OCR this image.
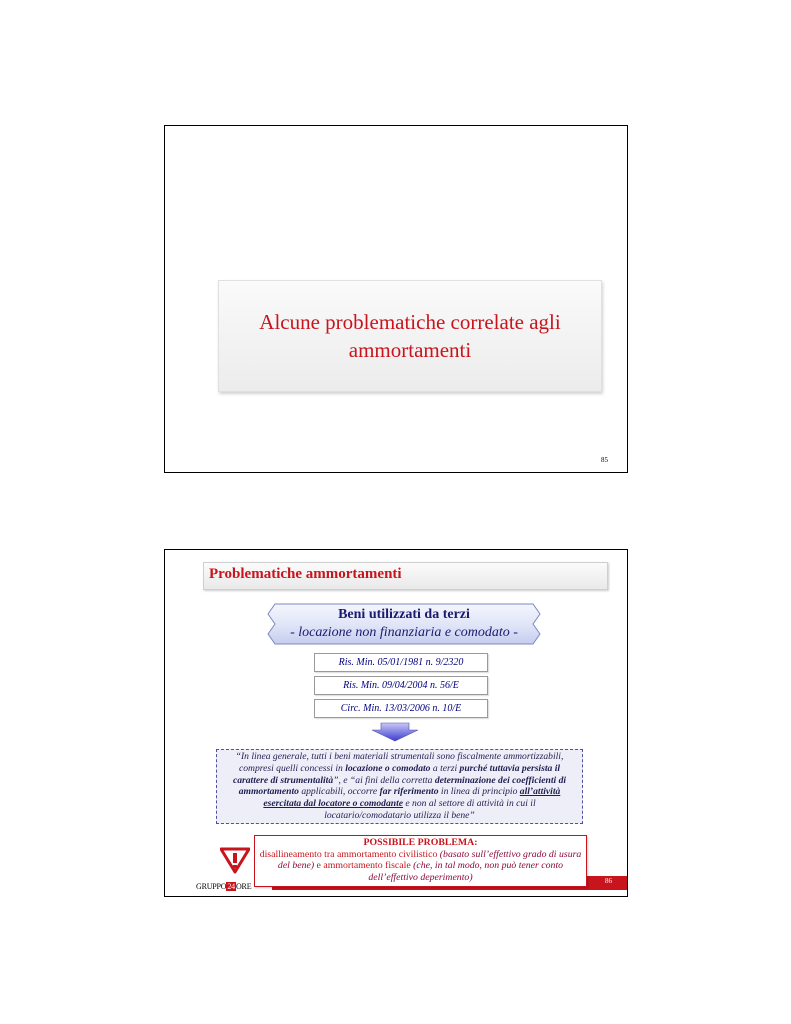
Alcune problematiche correlate agli ammortamenti
85
Problematiche ammortamenti
Beni utilizzati da terzi
- locazione non finanziaria e comodato -
Ris. Min. 05/01/1981 n. 9/2320
Ris. Min. 09/04/2004 n. 56/E
Circ. Min. 13/03/2006 n. 10/E
“In linea generale, tutti i beni materiali strumentali sono fiscalmente ammortizzabili, compresi quelli concessi in locazione o comodato a terzi purché tuttavia persista il carattere di strumentalità”, e “ai fini della corretta determinazione dei coefficienti di ammortamento applicabili, occorre far riferimento in linea di principio all’attività esercitata dal locatore o comodante e non al settore di attività in cui il locatario/comodatario utilizza il bene”
POSSIBILE PROBLEMA:
disallineamento tra ammortamento civilistico (basato sull’effettivo grado di usura del bene) e ammortamento fiscale (che, in tal modo, non può tener conto dell’effettivo deperimento)	86
GRUPPO24ORE
